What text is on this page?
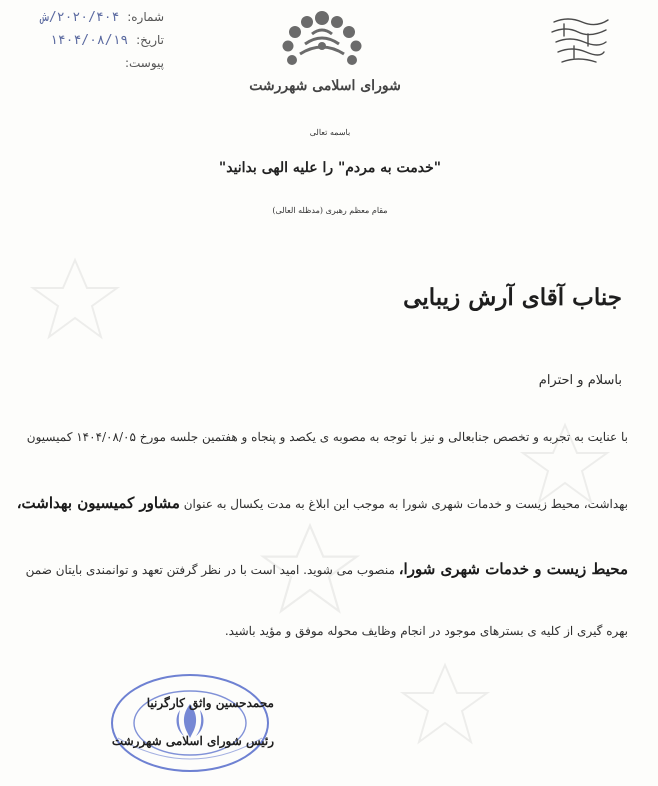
شماره: ۲۰۲۰/۴۰۴/ش
تاریخ: ۱۴۰۴/۰۸/۱۹
پیوست:
شورای اسلامی شهررشت
باسمه تعالی
"خدمت به مردم" را علیه الهی بدانید"
مقام معظم رهبری (مدظله العالی)
جناب آقای آرش زیبایی
باسلام و احترام
با عنایت به تجربه و تخصص جنابعالی و نیز با توجه به مصوبه ی یکصد و پنجاه و هفتمین جلسه مورخ ۱۴۰۴/۰۸/۰۵ کمیسیون
بهداشت، محیط زیست و خدمات شهری شورا به موجب این ابلاغ به مدت یکسال به عنوان مشاور کمیسیون بهداشت،
محیط زیست و خدمات شهری شورا، منصوب می شوید. امید است با در نظر گرفتن تعهد و توانمندی بایتان ضمن
بهره گیری از کلیه ی بسترهای موجود در انجام وظایف محوله موفق و مؤید باشید.
محمدحسین واثق کارگرنیا
رئیس شورای اسلامی شهررشت
